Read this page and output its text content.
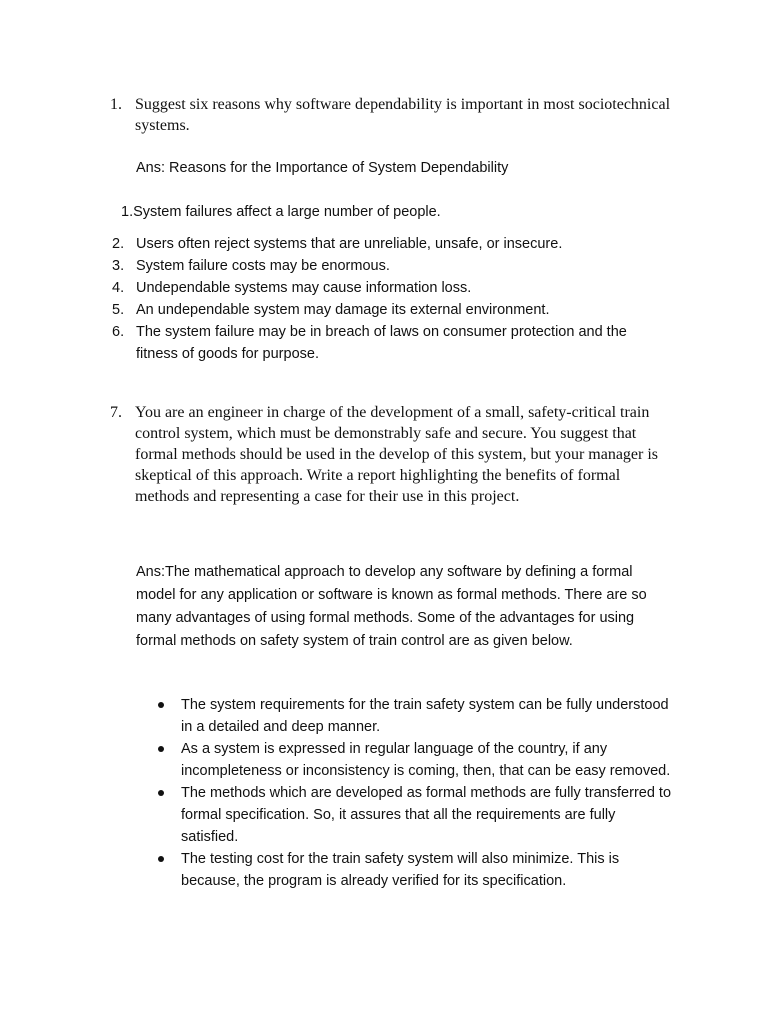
1. Suggest six reasons why software dependability is important in most sociotechnical systems.
Ans: Reasons for the Importance of System Dependability
1.System failures affect a large number of people.
2. Users often reject systems that are unreliable, unsafe, or insecure.
3. System failure costs may be enormous.
4. Undependable systems may cause information loss.
5. An undependable system may damage its external environment.
6. The system failure may be in breach of laws on consumer protection and the fitness of goods for purpose.
7. You are an engineer in charge of the development of a small, safety-critical train control system, which must be demonstrably safe and secure. You suggest that formal methods should be used in the develop of this system, but your manager is skeptical of this approach. Write a report highlighting the benefits of formal methods and representing a case for their use in this project.
Ans:The mathematical approach to develop any software by defining a formal model for any application or software is known as formal methods. There are so many advantages of using formal methods. Some of the advantages for using formal methods on safety system of train control are as given below.
The system requirements for the train safety system can be fully understood in a detailed and deep manner.
As a system is expressed in regular language of the country, if any incompleteness or inconsistency is coming, then, that can be easy removed.
The methods which are developed as formal methods are fully transferred to formal specification. So, it assures that all the requirements are fully satisfied.
The testing cost for the train safety system will also minimize. This is because, the program is already verified for its specification.
